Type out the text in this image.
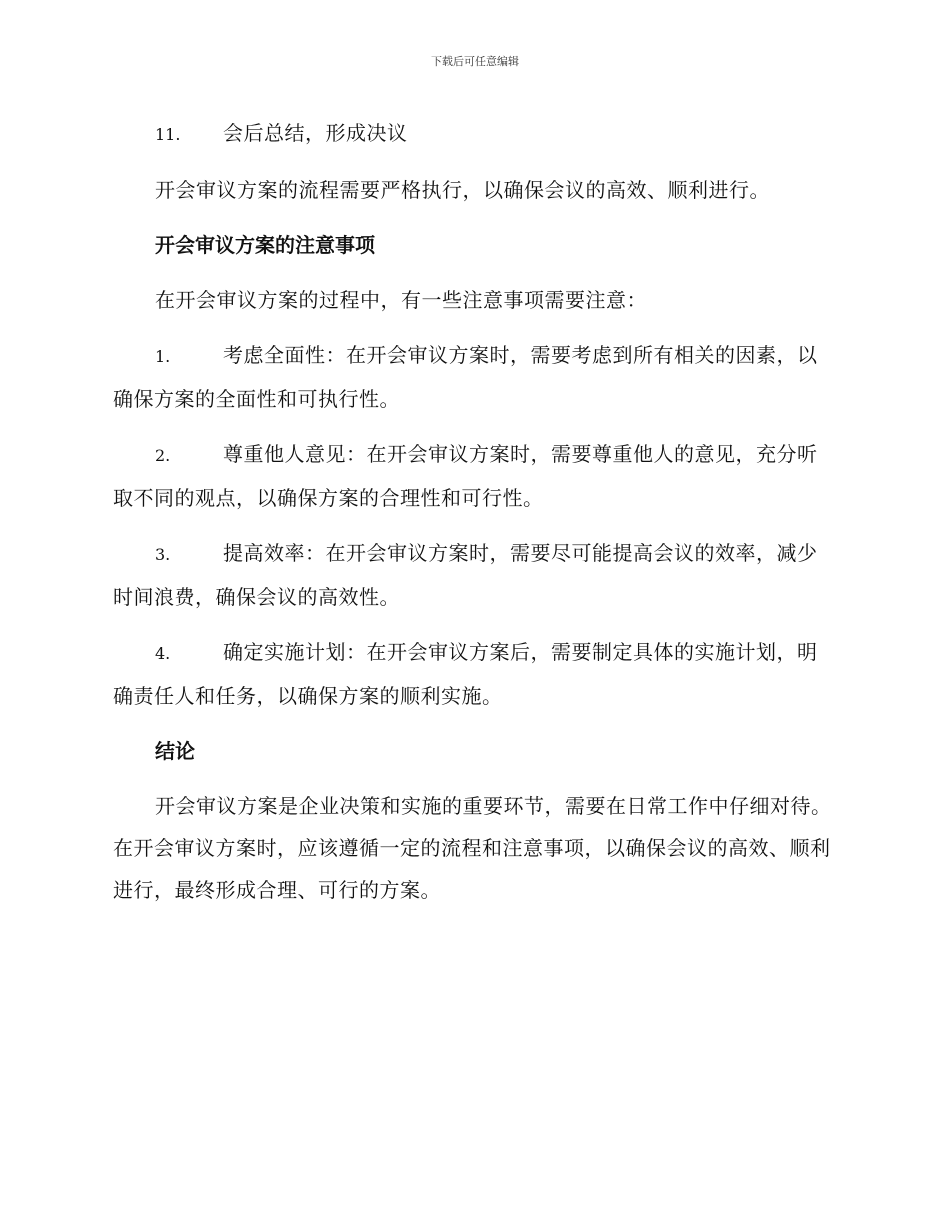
下载后可任意编辑
11. 会后总结，形成决议
开会审议方案的流程需要严格执行，以确保会议的高效、顺利进行。
开会审议方案的注意事项
在开会审议方案的过程中，有一些注意事项需要注意：
1.	考虑全面性：在开会审议方案时，需要考虑到所有相关的因素，以确保方案的全面性和可执行性。
2.	尊重他人意见：在开会审议方案时，需要尊重他人的意见，充分听取不同的观点，以确保方案的合理性和可行性。
3.	提高效率：在开会审议方案时，需要尽可能提高会议的效率，减少时间浪费，确保会议的高效性。
4.	确定实施计划：在开会审议方案后，需要制定具体的实施计划，明确责任人和任务，以确保方案的顺利实施。
结论
开会审议方案是企业决策和实施的重要环节，需要在日常工作中仔细对待。在开会审议方案时，应该遵循一定的流程和注意事项，以确保会议的高效、顺利进行，最终形成合理、可行的方案。
